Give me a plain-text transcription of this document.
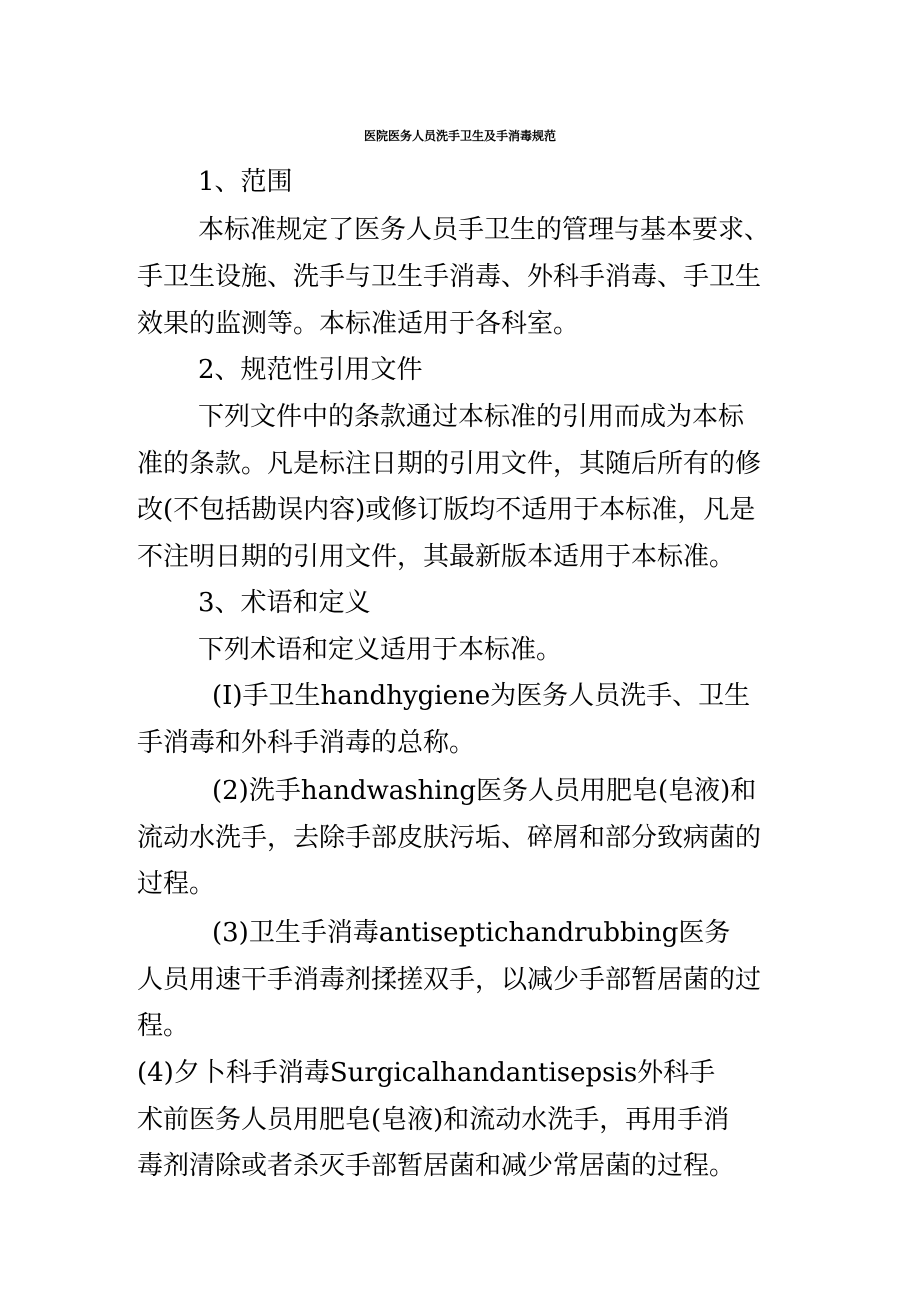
医院医务人员洗手卫生及手消毒规范
1、范围
本标准规定了医务人员手卫生的管理与基本要求、
手卫生设施、洗手与卫生手消毒、外科手消毒、手卫生
效果的监测等。本标准适用于各科室。
2、规范性引用文件
下列文件中的条款通过本标准的引用而成为本标
准的条款。凡是标注日期的引用文件，其随后所有的修
改(不包括勘误内容)或修订版均不适用于本标准，凡是
不注明日期的引用文件，其最新版本适用于本标准。
3、术语和定义
下列术语和定义适用于本标准。
(I)手卫生handhygiene为医务人员洗手、卫生
手消毒和外科手消毒的总称。
(2)洗手handwashing医务人员用肥皂(皂液)和
流动水洗手，去除手部皮肤污垢、碎屑和部分致病菌的
过程。
(3)卫生手消毒antiseptichandrubbing医务
人员用速干手消毒剂揉搓双手，以减少手部暂居菌的过
程。
(4)夕卜科手消毒Surgicalhandantisepsis外科手
术前医务人员用肥皂(皂液)和流动水洗手，再用手消
毒剂清除或者杀灭手部暂居菌和减少常居菌的过程。
